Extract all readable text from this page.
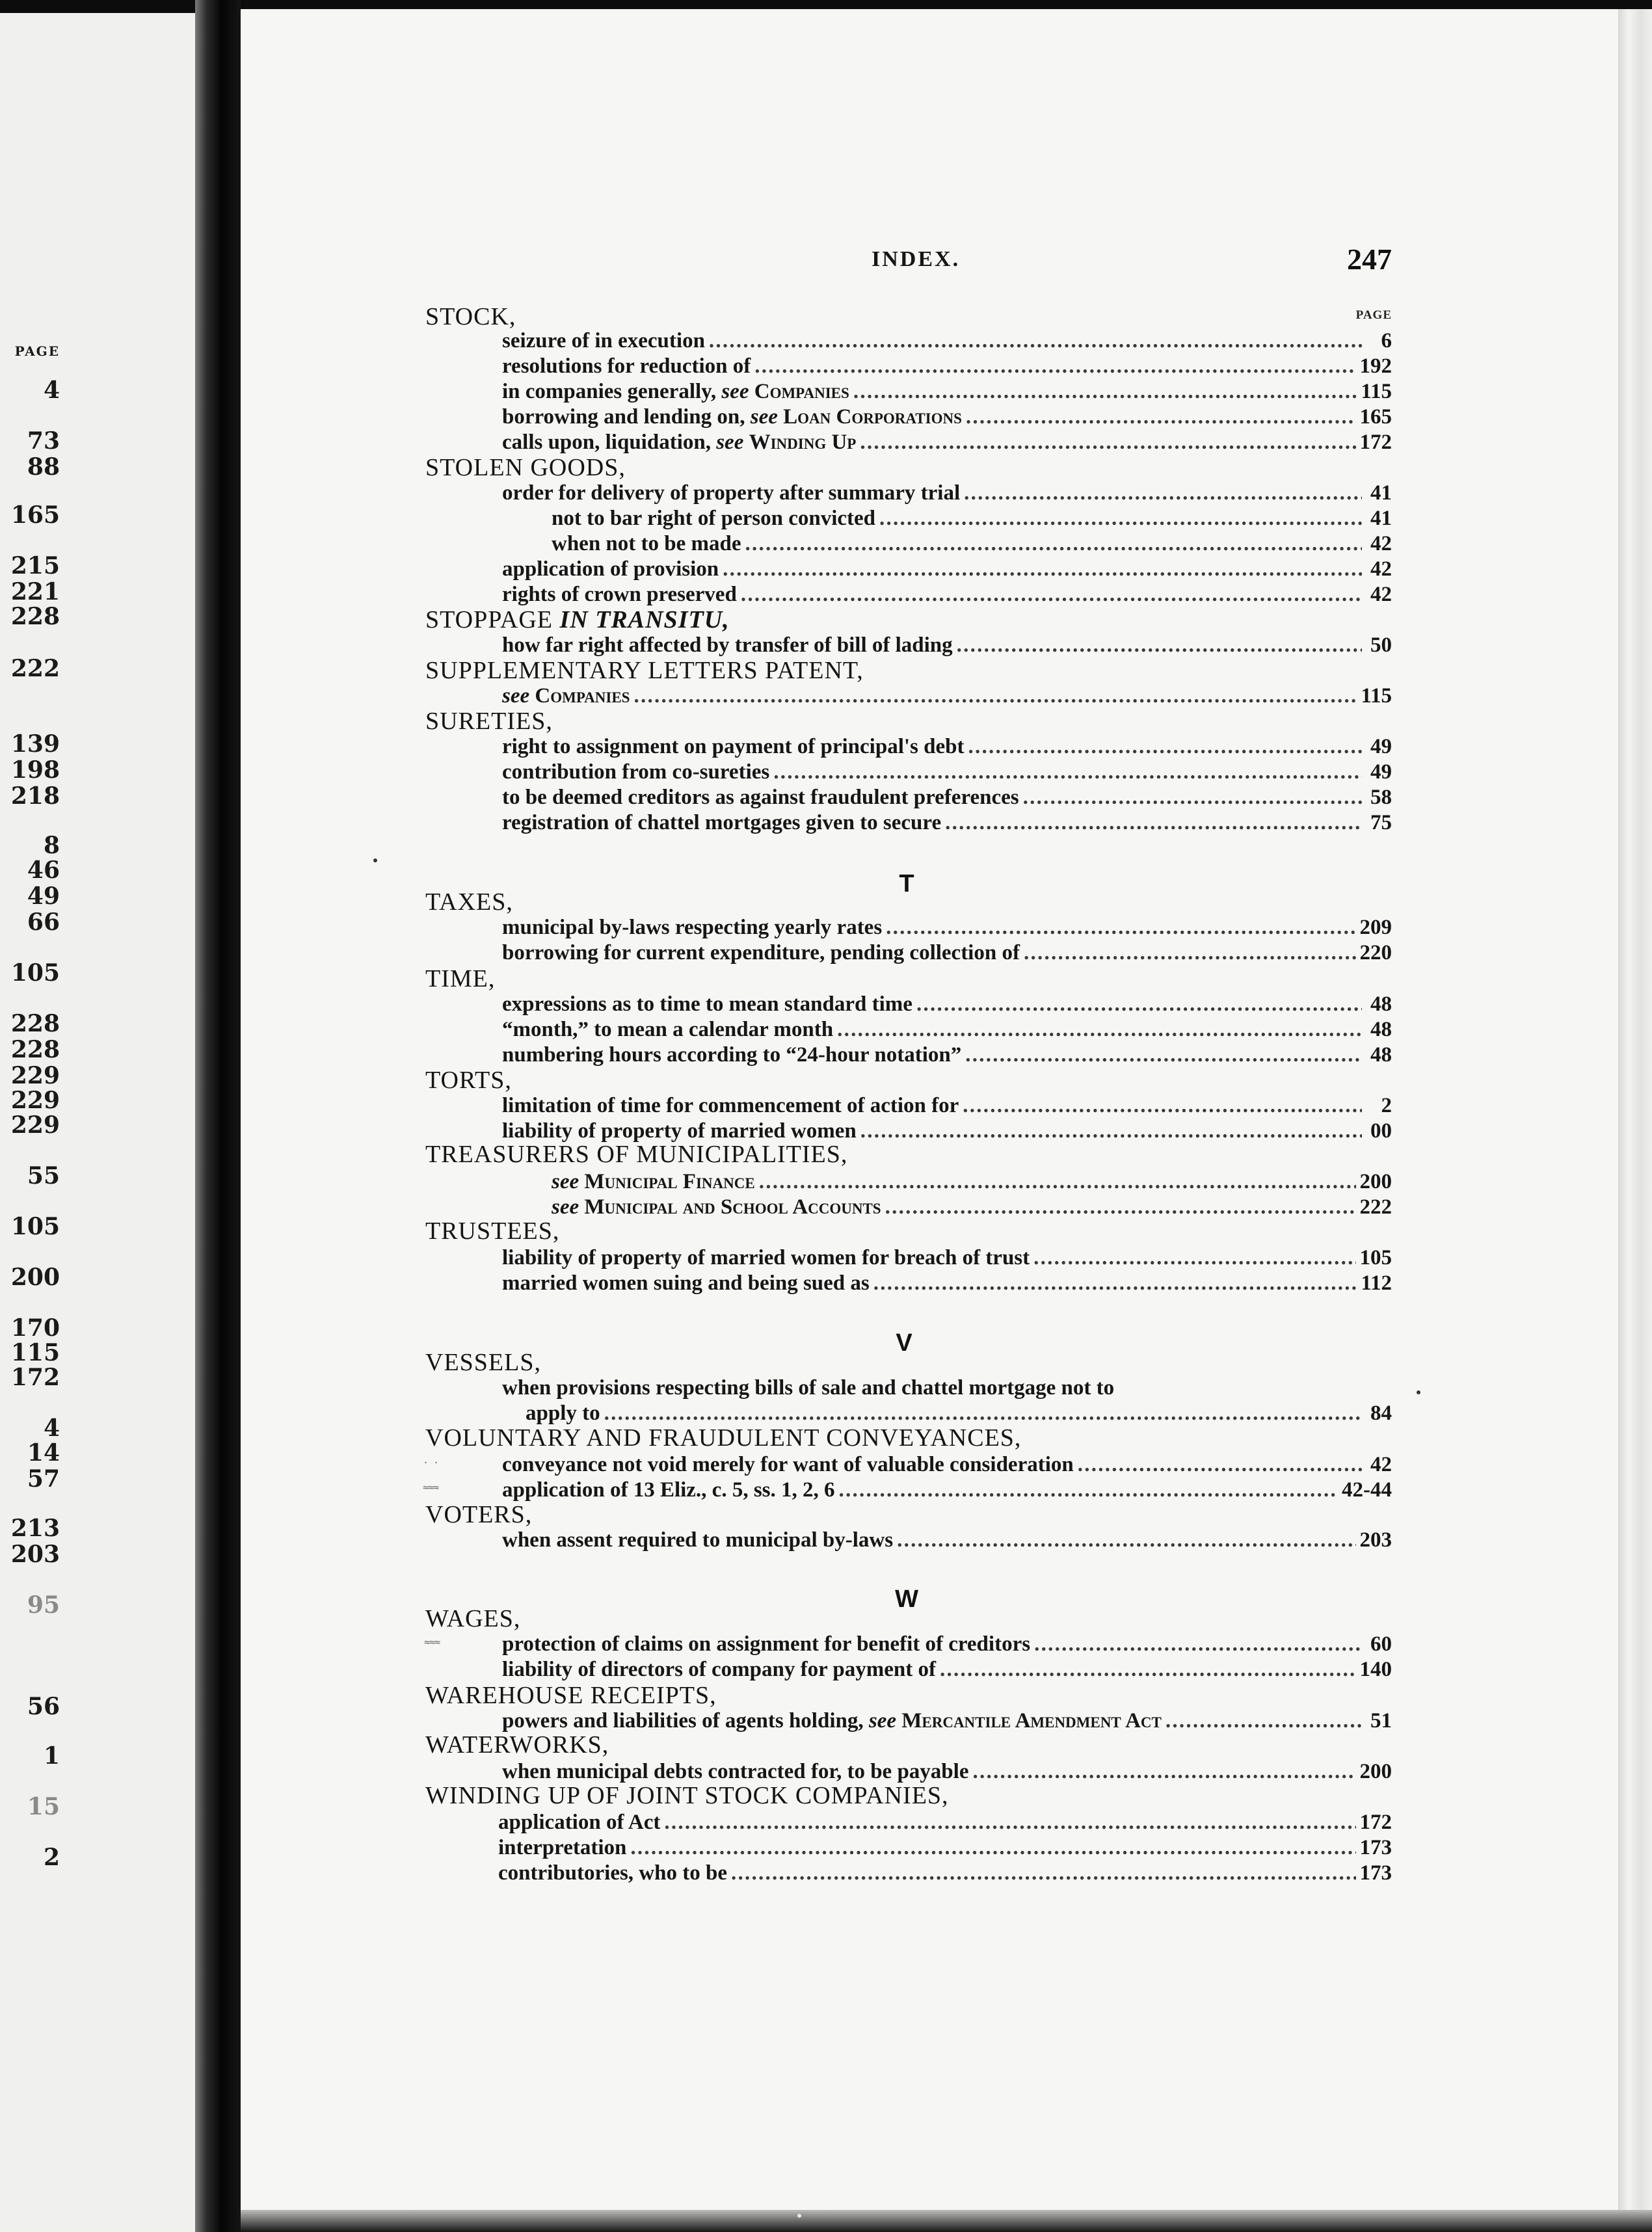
PAGE

4

73

88

165

215

221

228

222

139

198

218

8

46

49

66

105

228

228

229

229

229

55

105

200

170

115

172

4

14

57

213

203

95

56

1

15

2

INDEX.	247
PAGE
STOCK,
seizure of in execution . . .	6
resolutions for reduction of . . .	192
in companies generally, see Companies . . .	115
borrowing and lending on, see Loan Corporations . . .	165
calls upon, liquidation, see Winding Up . . .	172
STOLEN GOODS,
order for delivery of property after summary trial . . .	41
not to bar right of person convicted . . .	41
when not to be made . . .	42
application of provision . . .	42
rights of crown preserved . . .	42
STOPPAGE IN TRANSITU,
how far right affected by transfer of bill of lading . . .	50
SUPPLEMENTARY LETTERS PATENT,
see Companies . . .	115
SURETIES,
right to assignment on payment of principal's debt . . .	49
contribution from co-sureties . . .	49
to be deemed creditors as against fraudulent preferences . . .	58
registration of chattel mortgages given to secure . . .	75
T
TAXES,
municipal by-laws respecting yearly rates . . .	209
borrowing for current expenditure, pending collection of . . .	220
TIME,
expressions as to time to mean standard time . . .	48
“month,” to mean a calendar month . . .	48
numbering hours according to “24-hour notation” . . .	48
TORTS,
limitation of time for commencement of action for . . .	2
liability of property of married women . . .	00
TREASURERS OF MUNICIPALITIES,
see Municipal Finance . . .	200
see Municipal and School Accounts . . .	222
TRUSTEES,
liability of property of married women for breach of trust . . .	105
married women suing and being sued as . . .	112
V
VESSELS,
when provisions respecting bills of sale and chattel mortgage not to
apply to . . .	84
VOLUNTARY AND FRAUDULENT CONVEYANCES,
conveyance not void merely for want of valuable consideration . . .	42
application of 13 Eliz., c. 5, ss. 1, 2, 6 . . .	42-44
· ·
≈≈≈
VOTERS,
when assent required to municipal by-laws . . .	203
W
WAGES,
protection of claims on assignment for benefit of creditors . . .	60
liability of directors of company for payment of . . .	140
≈≈≈
WAREHOUSE RECEIPTS,
powers and liabilities of agents holding, see Mercantile Amendment Act . . .	51
WATERWORKS,
when municipal debts contracted for, to be payable . . .	200
WINDING UP OF JOINT STOCK COMPANIES,
application of Act . . .	172
interpretation . . .	173
contributories, who to be . . .	173
